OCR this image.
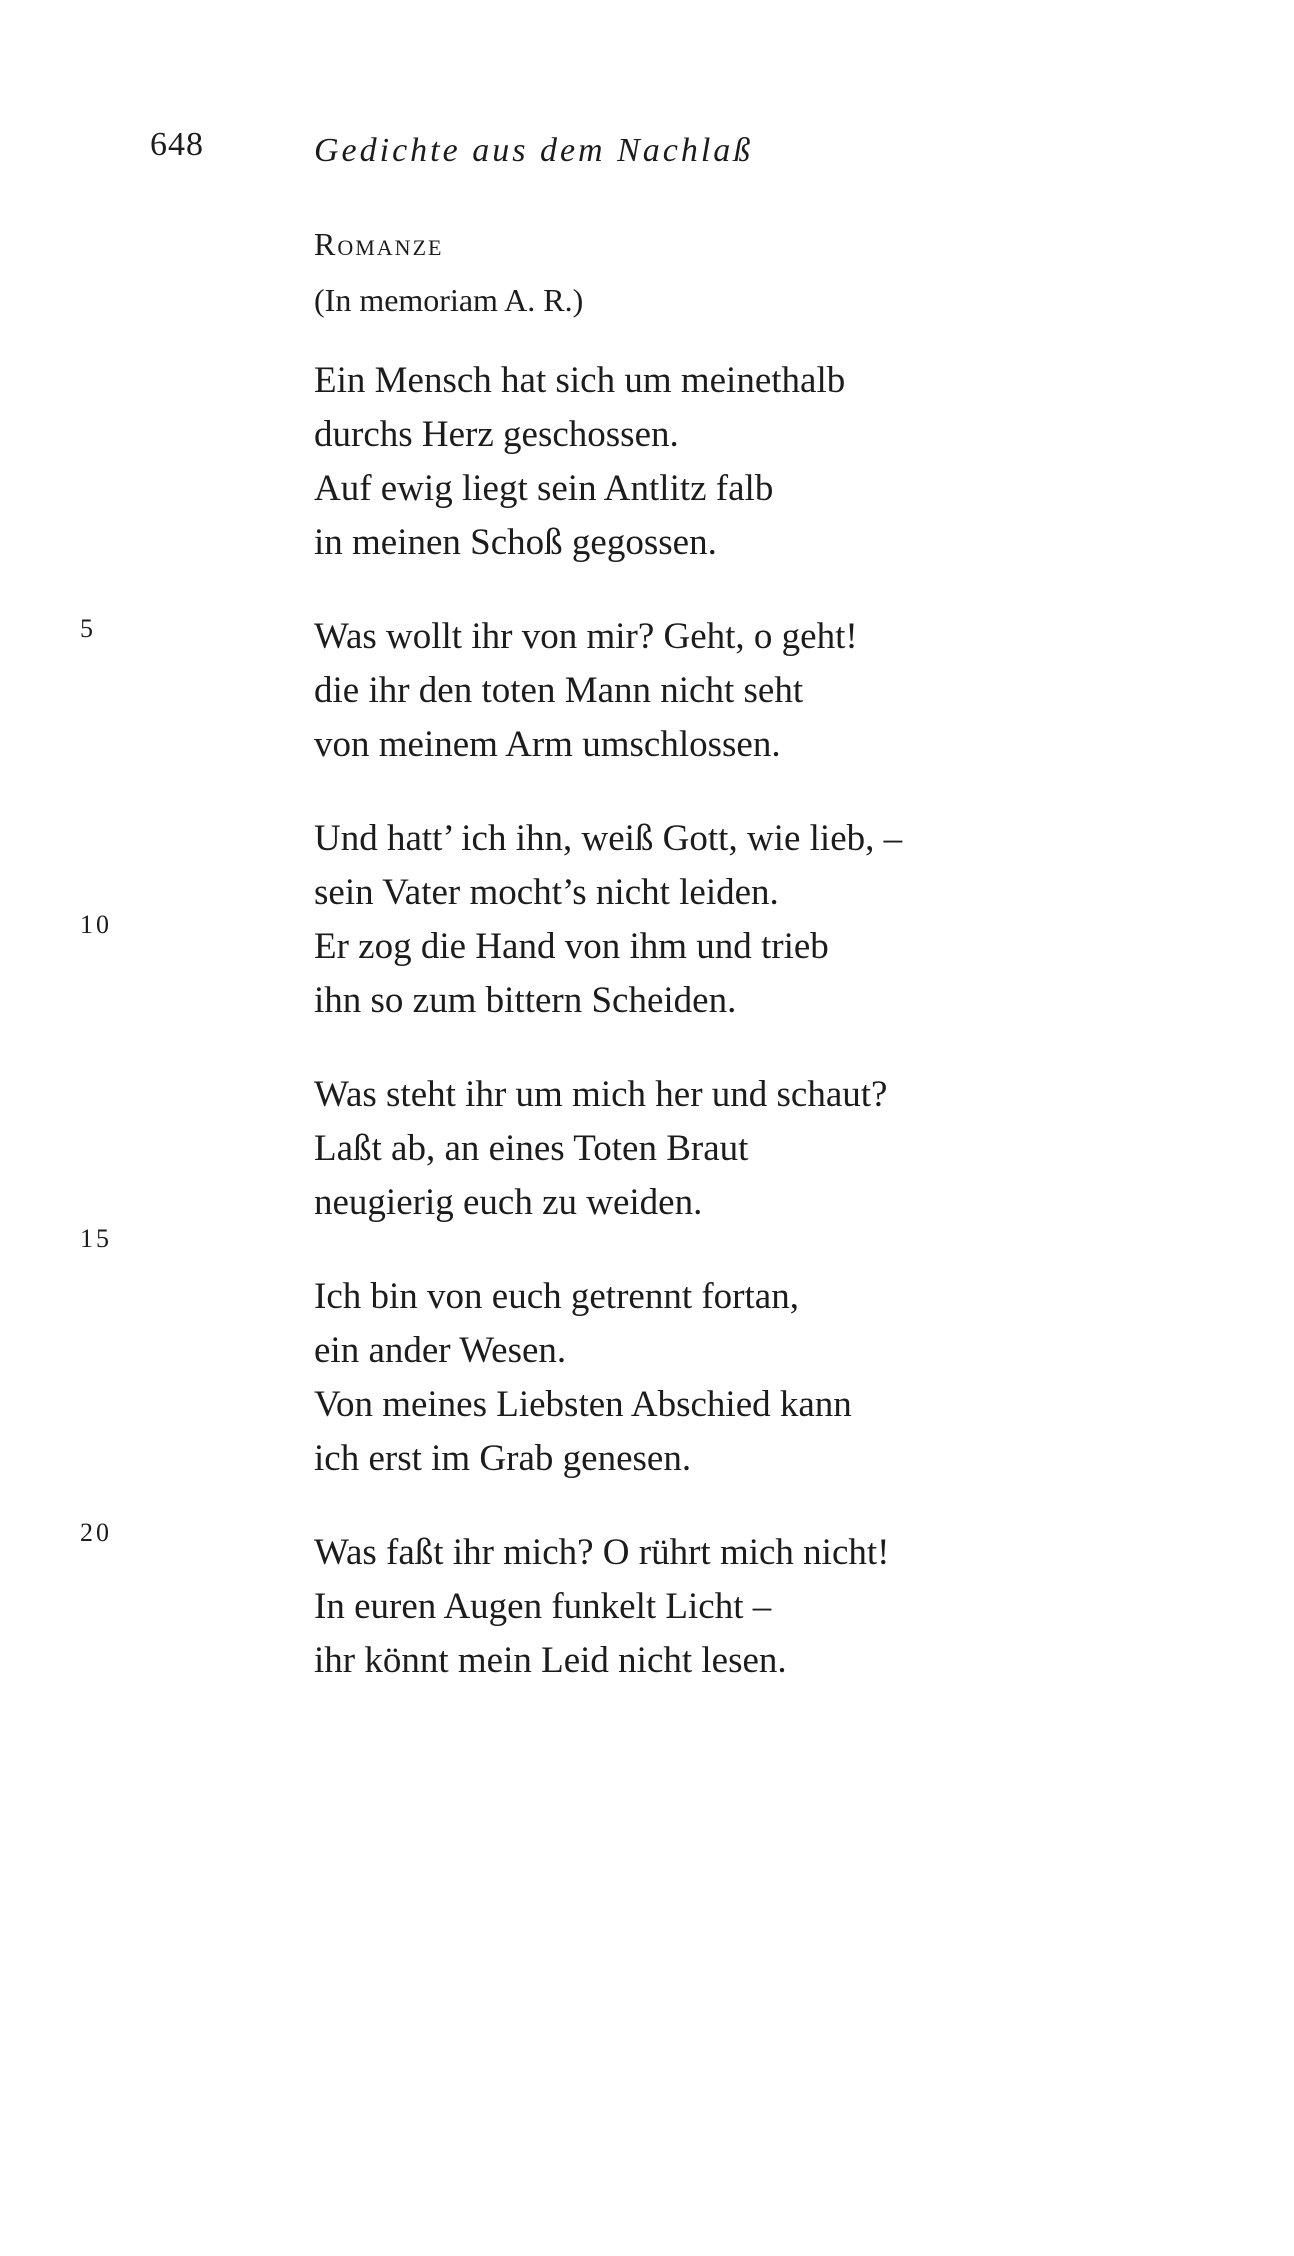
648	Gedichte aus dem Nachlaß
Romanze
(In memoriam A. R.)
5
10
15
20
Ein Mensch hat sich um meinethalb
durchs Herz geschossen.
Auf ewig liegt sein Antlitz falb
in meinen Schoß gegossen.
Was wollt ihr von mir? Geht, o geht!
die ihr den toten Mann nicht seht
von meinem Arm umschlossen.
Und hatt’ ich ihn, weiß Gott, wie lieb, –
sein Vater mocht’s nicht leiden.
Er zog die Hand von ihm und trieb
ihn so zum bittern Scheiden.
Was steht ihr um mich her und schaut?
Laßt ab, an eines Toten Braut
neugierig euch zu weiden.
Ich bin von euch getrennt fortan,
ein ander Wesen.
Von meines Liebsten Abschied kann
ich erst im Grab genesen.
Was faßt ihr mich? O rührt mich nicht!
In euren Augen funkelt Licht –
ihr könnt mein Leid nicht lesen.
